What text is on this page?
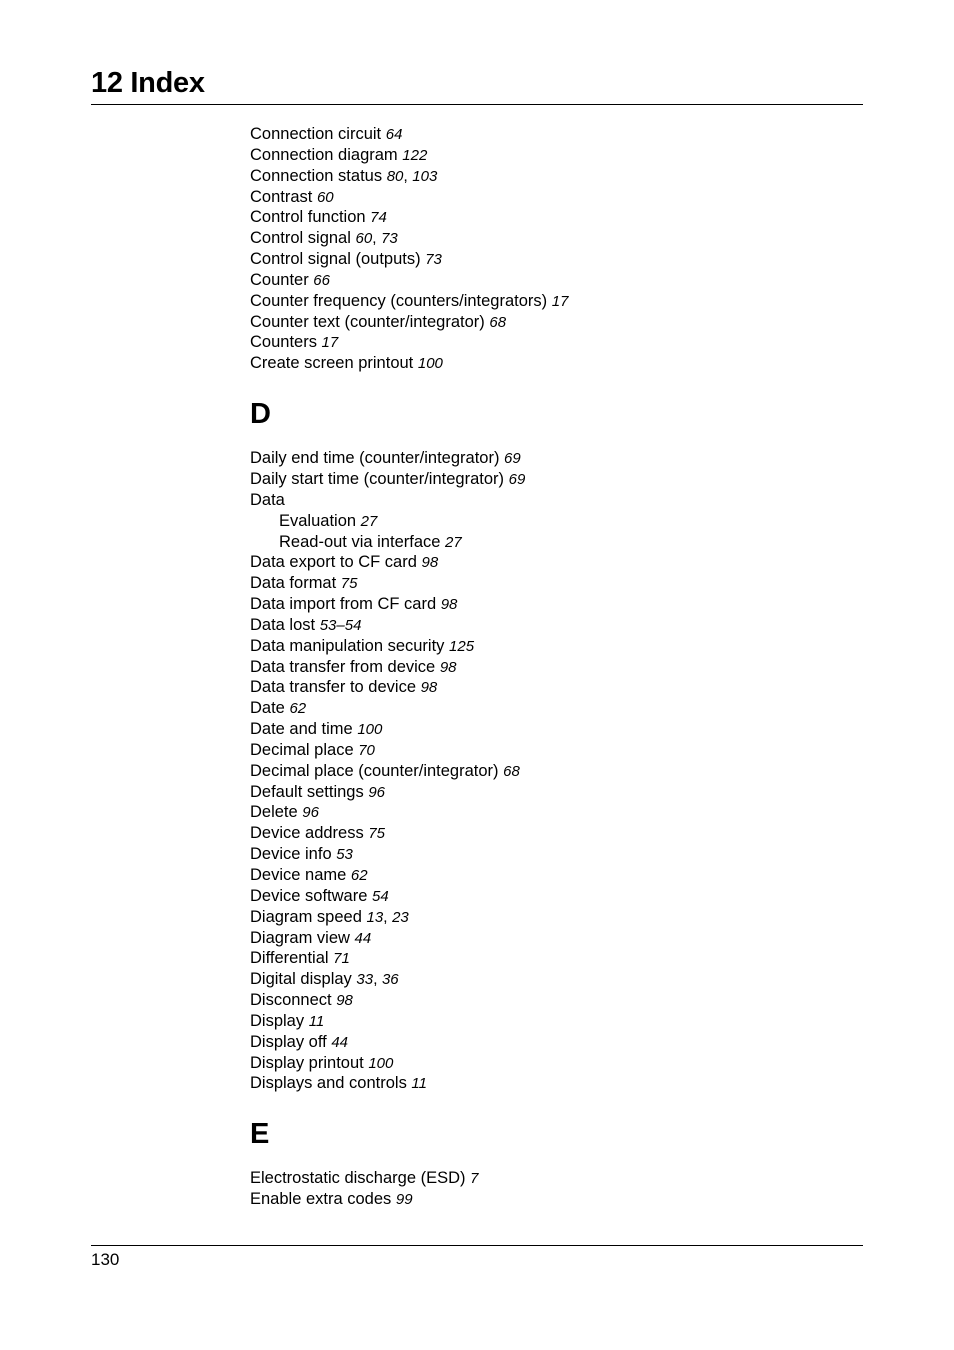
12 Index
Connection circuit 64
Connection diagram 122
Connection status 80, 103
Contrast 60
Control function 74
Control signal 60, 73
Control signal (outputs) 73
Counter 66
Counter frequency (counters/integrators) 17
Counter text (counter/integrator) 68
Counters 17
Create screen printout 100
D
Daily end time (counter/integrator) 69
Daily start time (counter/integrator) 69
Data
Evaluation 27
Read-out via interface 27
Data export to CF card 98
Data format 75
Data import from CF card 98
Data lost 53–54
Data manipulation security 125
Data transfer from device 98
Data transfer to device 98
Date 62
Date and time 100
Decimal place 70
Decimal place (counter/integrator) 68
Default settings 96
Delete 96
Device address 75
Device info 53
Device name 62
Device software 54
Diagram speed 13, 23
Diagram view 44
Differential 71
Digital display 33, 36
Disconnect 98
Display 11
Display off 44
Display printout 100
Displays and controls 11
E
Electrostatic discharge (ESD) 7
Enable extra codes 99
130
